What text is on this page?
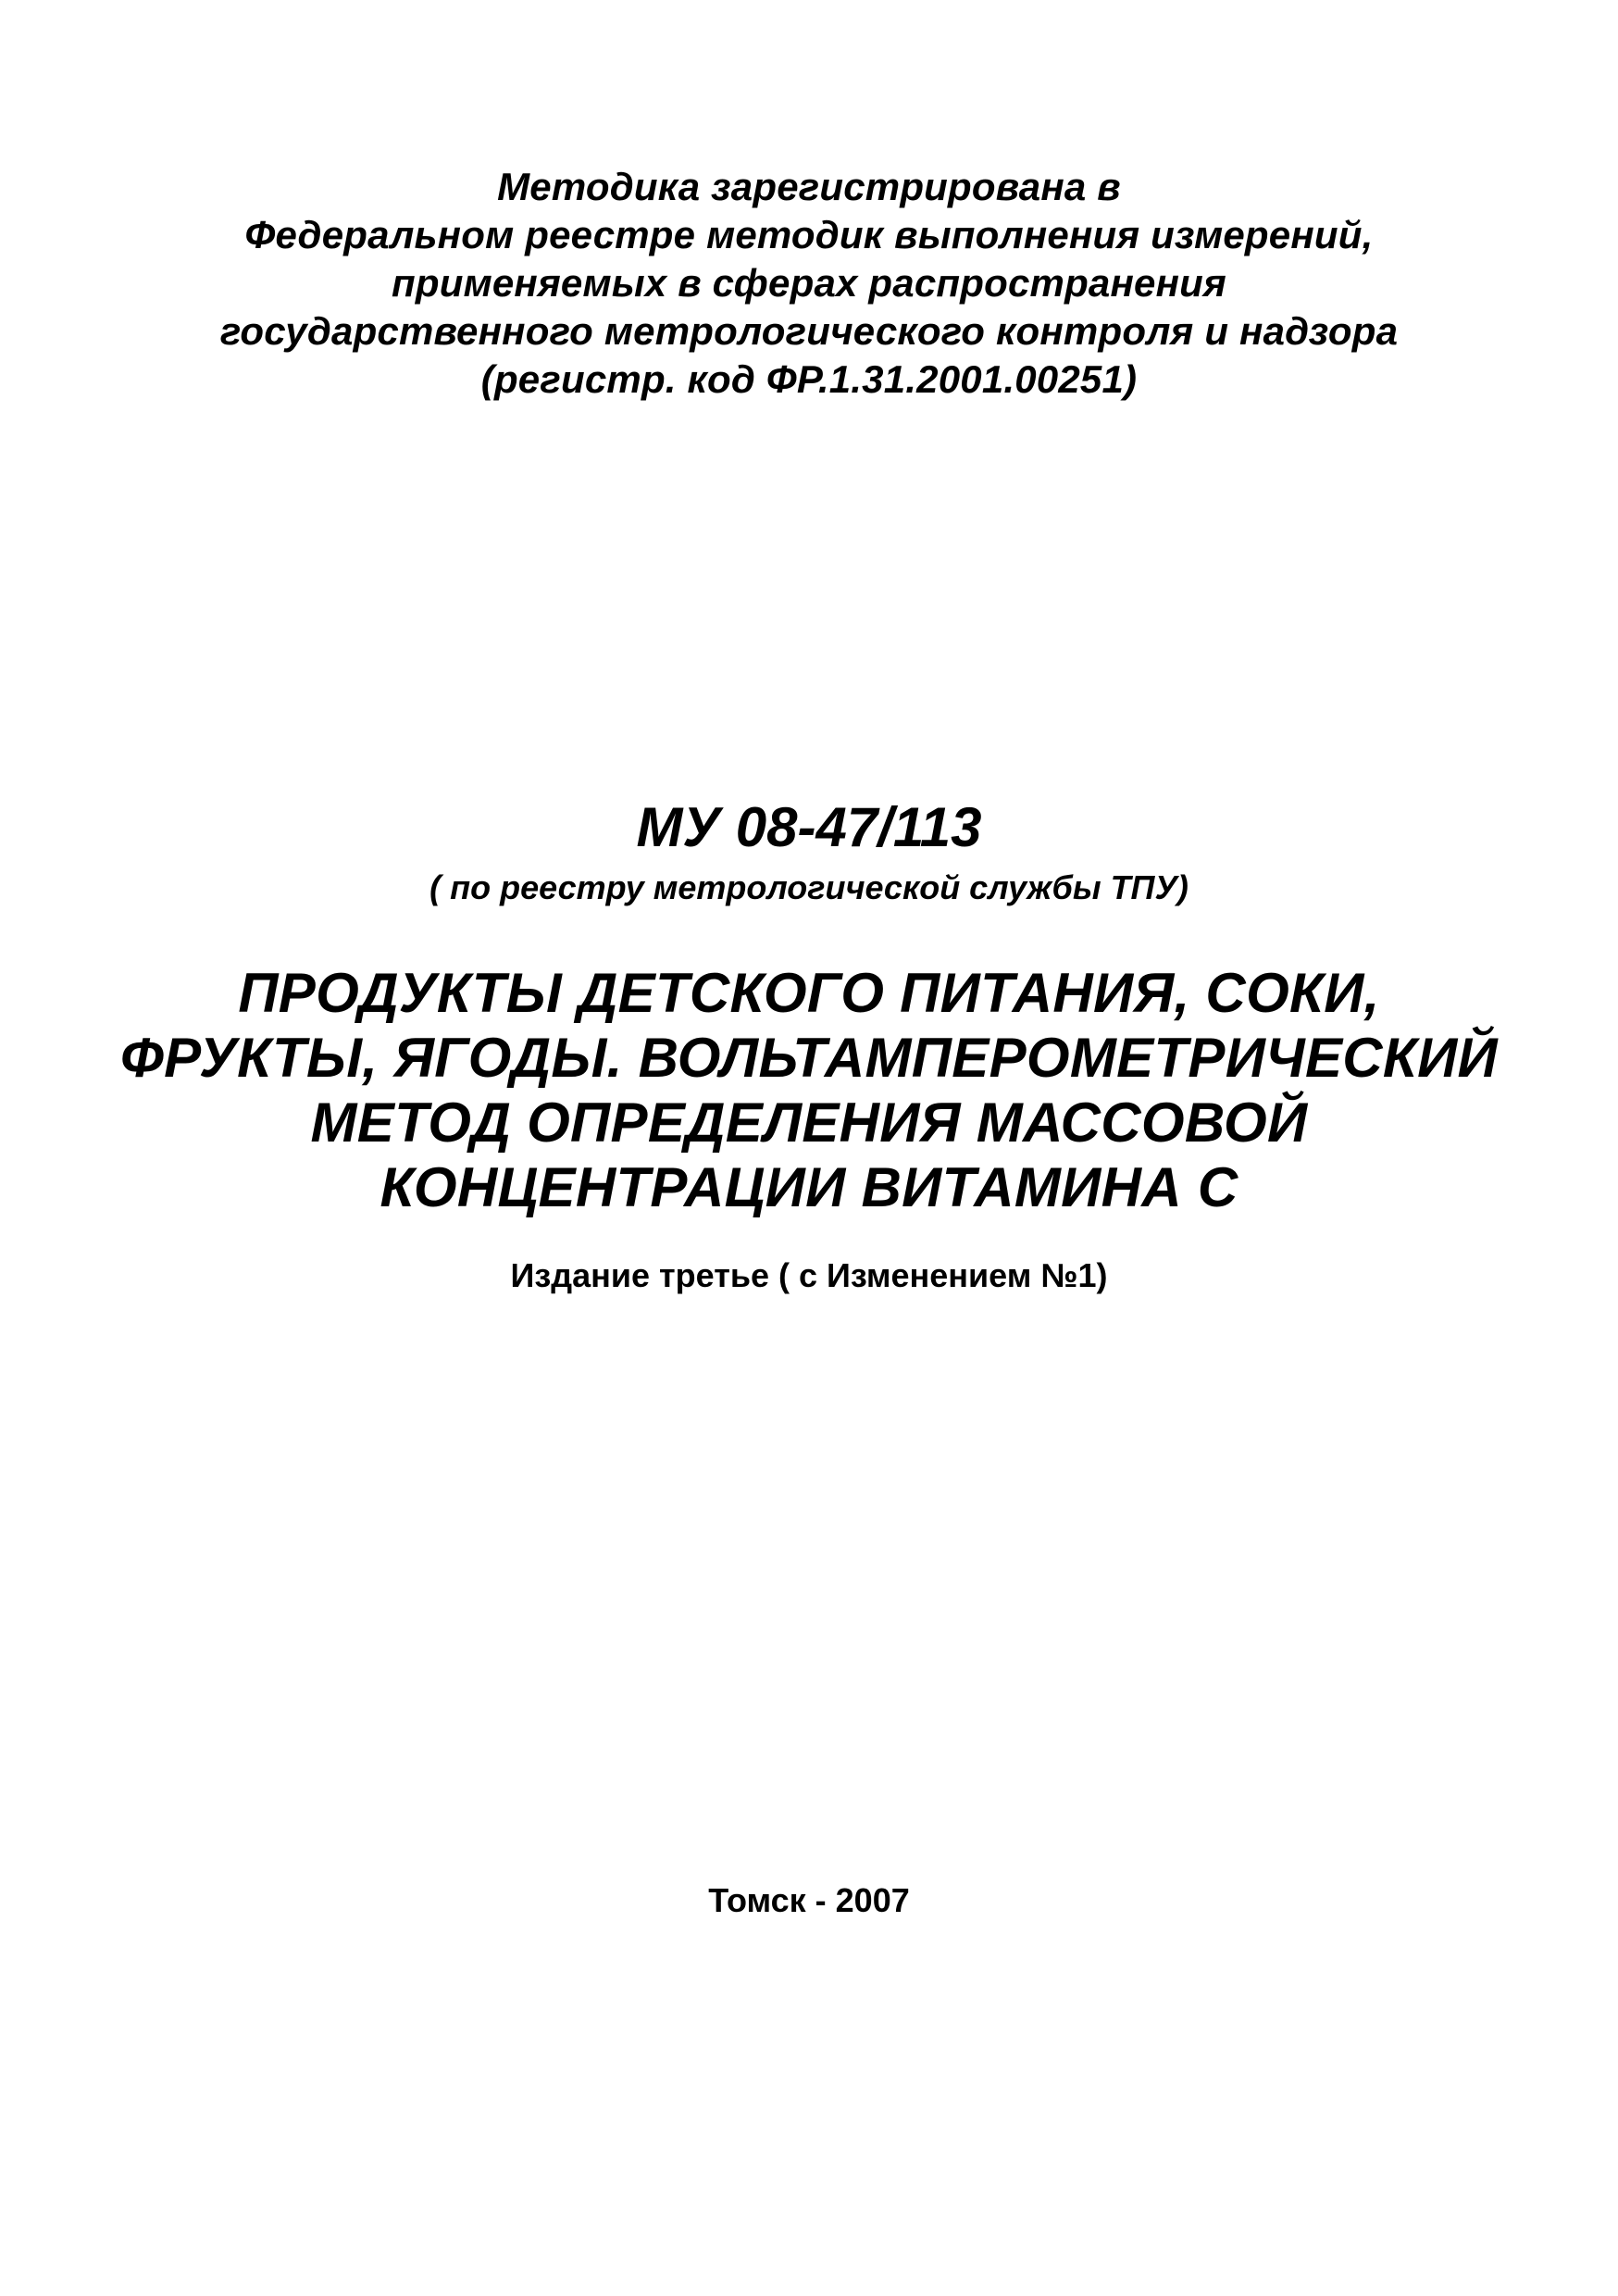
Методика зарегистрирована в
Федеральном реестре методик выполнения измерений,
применяемых в сферах распространения
государственного метрологического контроля и надзора
(регистр. код ФР.1.31.2001.00251)
МУ 08-47/113
( по реестру метрологической службы ТПУ)
ПРОДУКТЫ ДЕТСКОГО ПИТАНИЯ, СОКИ,
ФРУКТЫ, ЯГОДЫ. ВОЛЬТАМПЕРОМЕТРИЧЕСКИЙ
МЕТОД ОПРЕДЕЛЕНИЯ МАССОВОЙ
КОНЦЕНТРАЦИИ ВИТАМИНА С
Издание третье ( с Изменением №1)
Томск - 2007
